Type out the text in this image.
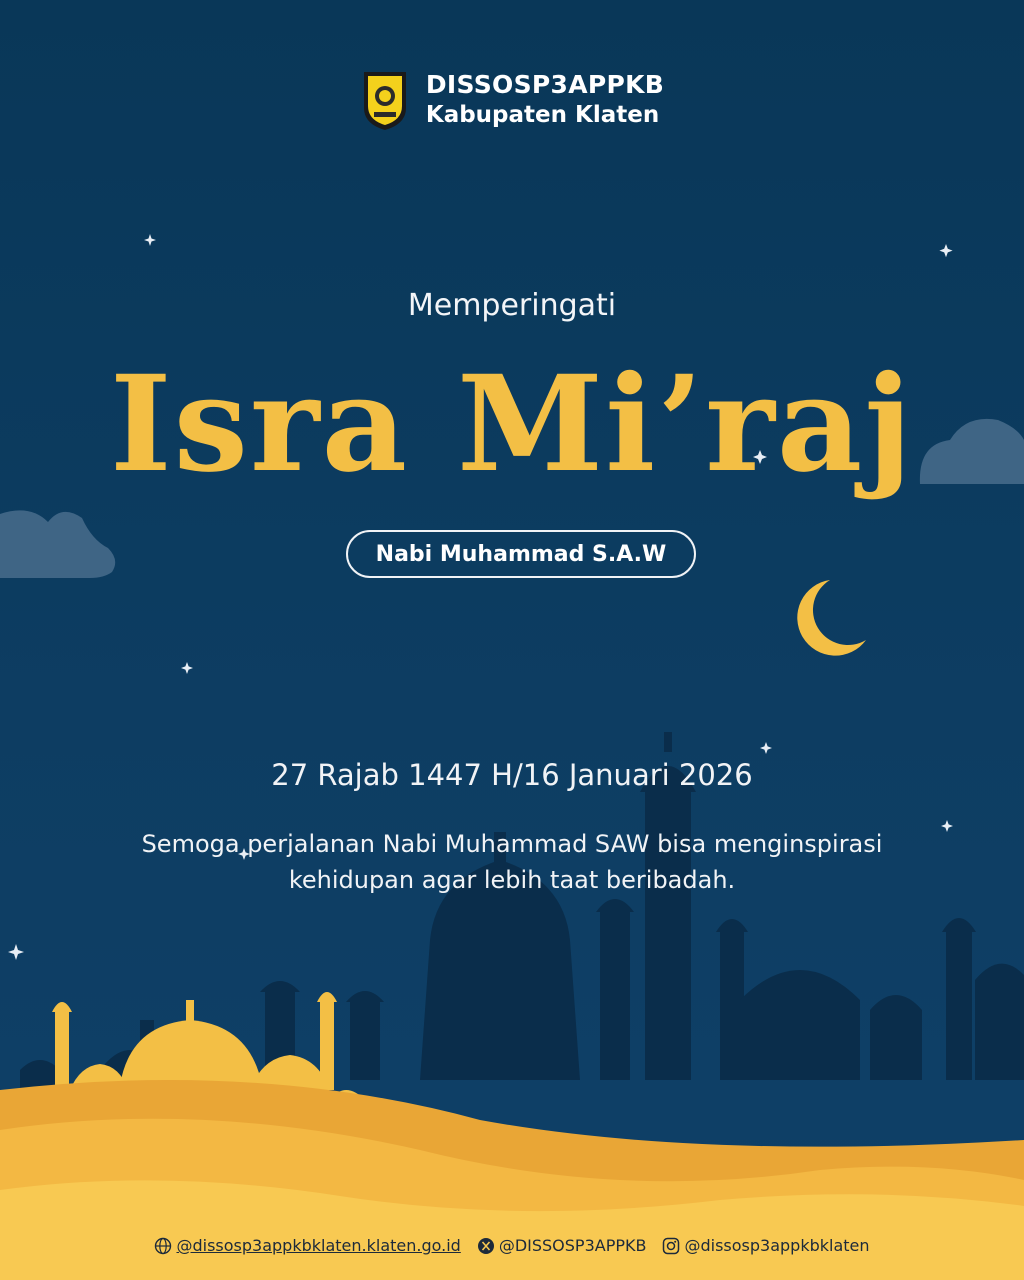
DISSOSP3APPKB
Kabupaten Klaten
Memperingati
Isra Mi’raj
Nabi Muhammad S.A.W
27 Rajab 1447 H/16 Januari 2026
Semoga perjalanan Nabi Muhammad SAW bisa menginspirasi
kehidupan agar lebih taat beribadah.
@dissosp3appkbklaten.klaten.go.id @DISSOSP3APPKB @dissosp3appkbklaten
